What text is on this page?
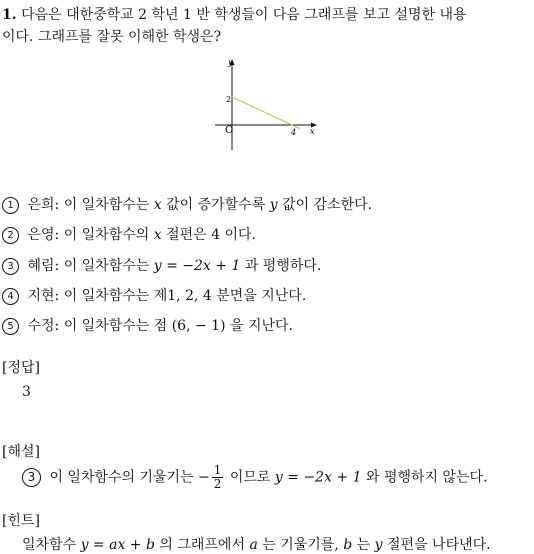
1. 다음은 대한중학교 2 학년 1 반 학생들이 다음 그래프를 보고 설명한 내용
이다. 그래프를 잘못 이해한 학생은?
y
x
O
2
4
1 은희: 이 일차함수는 x 값이 증가할수록 y 값이 감소한다.
2 은영: 이 일차함수의 x 절편은 4 이다.
3 혜림: 이 일차함수는 y = −2x + 1 과 평행하다.
4 지현: 이 일차함수는 제1, 2, 4 분면을 지난다.
5 수정: 이 일차함수는 점 (6, − 1) 을 지난다.
[정답]
3
[해설]
3 이 일차함수의 기울기는 − $\frac{1}{2}$ 이므로 y = −2x + 1 와 평행하지 않는다.
[힌트]
일차함수 y = ax + b 의 그래프에서 a 는 기울기를, b 는 y 절편을 나타낸다.
